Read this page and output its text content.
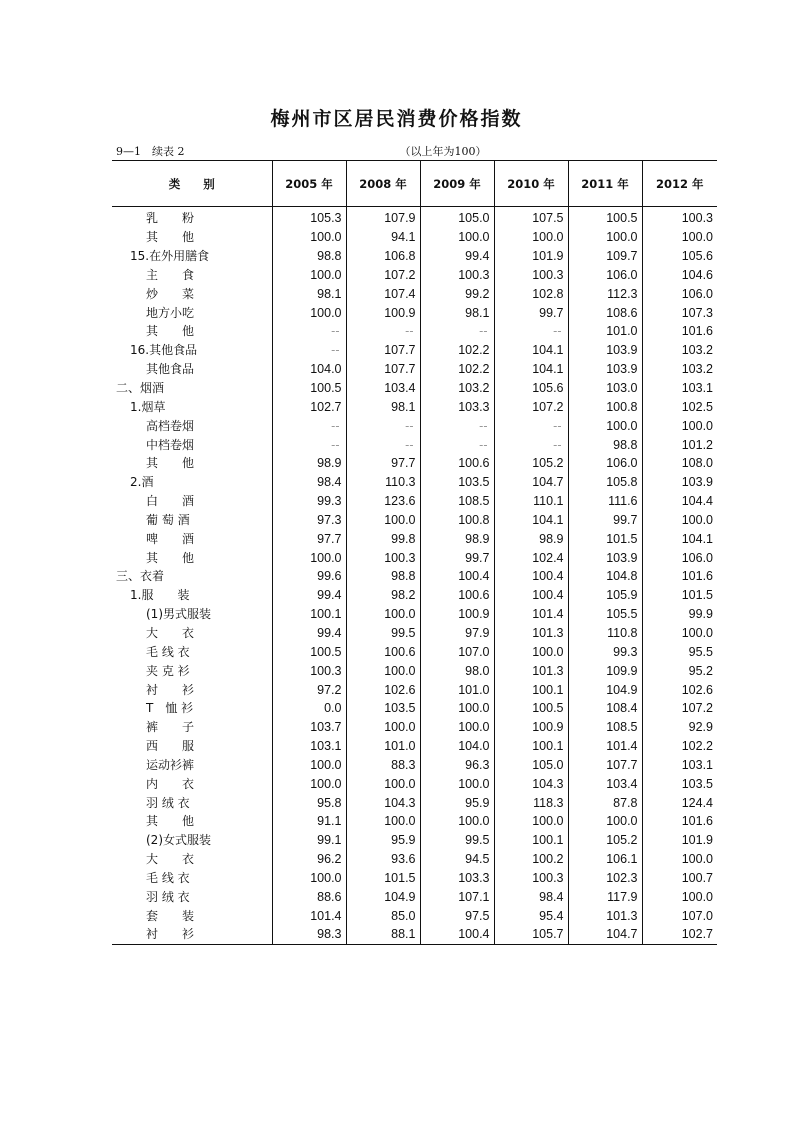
梅州市区居民消费价格指数
9—1　续表 2	（以上年为100）
类　　别	2005 年	2008 年	2009 年	2010 年	2011 年	2012 年
乳　　粉	105.3	107.9	105.0	107.5	100.5	100.3
其　　他	100.0	94.1	100.0	100.0	100.0	100.0
15.在外用膳食	98.8	106.8	99.4	101.9	109.7	105.6
主　　食	100.0	107.2	100.3	100.3	106.0	104.6
炒　　菜	98.1	107.4	99.2	102.8	112.3	106.0
地方小吃	100.0	100.9	98.1	99.7	108.6	107.3
其　　他	--	--	--	--	101.0	101.6
16.其他食品	--	107.7	102.2	104.1	103.9	103.2
其他食品	104.0	107.7	102.2	104.1	103.9	103.2
二、烟酒	100.5	103.4	103.2	105.6	103.0	103.1
1.烟草	102.7	98.1	103.3	107.2	100.8	102.5
高档卷烟	--	--	--	--	100.0	100.0
中档卷烟	--	--	--	--	98.8	101.2
其　　他	98.9	97.7	100.6	105.2	106.0	108.0
2.酒	98.4	110.3	103.5	104.7	105.8	103.9
白　　酒	99.3	123.6	108.5	110.1	111.6	104.4
葡 萄 酒	97.3	100.0	100.8	104.1	99.7	100.0
啤　　酒	97.7	99.8	98.9	98.9	101.5	104.1
其　　他	100.0	100.3	99.7	102.4	103.9	106.0
三、衣着	99.6	98.8	100.4	100.4	104.8	101.6
1.服　　装	99.4	98.2	100.6	100.4	105.9	101.5
(1)男式服装	100.1	100.0	100.9	101.4	105.5	99.9
大　　衣	99.4	99.5	97.9	101.3	110.8	100.0
毛 线 衣	100.5	100.6	107.0	100.0	99.3	95.5
夹 克 衫	100.3	100.0	98.0	101.3	109.9	95.2
衬　　衫	97.2	102.6	101.0	100.1	104.9	102.6
T　恤 衫	0.0	103.5	100.0	100.5	108.4	107.2
裤　　子	103.7	100.0	100.0	100.9	108.5	92.9
西　　服	103.1	101.0	104.0	100.1	101.4	102.2
运动衫裤	100.0	88.3	96.3	105.0	107.7	103.1
内　　衣	100.0	100.0	100.0	104.3	103.4	103.5
羽 绒 衣	95.8	104.3	95.9	118.3	87.8	124.4
其　　他	91.1	100.0	100.0	100.0	100.0	101.6
(2)女式服装	99.1	95.9	99.5	100.1	105.2	101.9
大　　衣	96.2	93.6	94.5	100.2	106.1	100.0
毛 线 衣	100.0	101.5	103.3	100.3	102.3	100.7
羽 绒 衣	88.6	104.9	107.1	98.4	117.9	100.0
套　　装	101.4	85.0	97.5	95.4	101.3	107.0
衬　　衫	98.3	88.1	100.4	105.7	104.7	102.7
